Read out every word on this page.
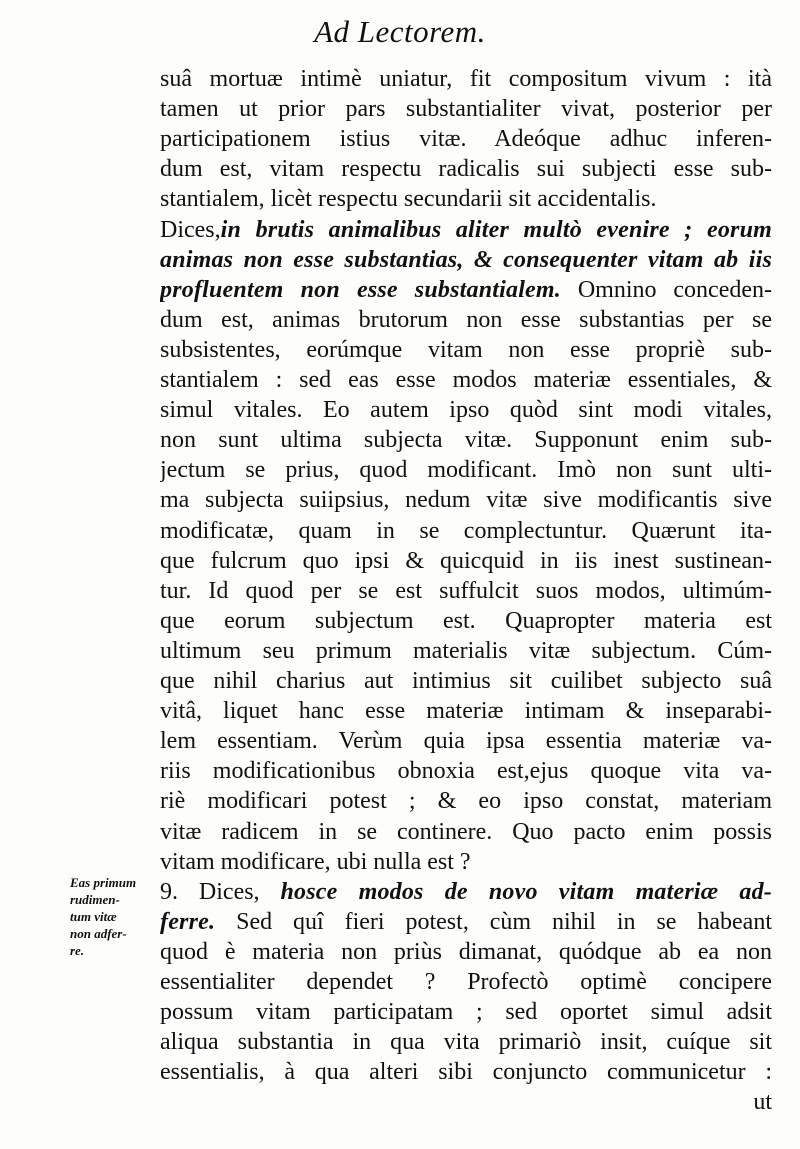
Ad Lectorem.
suâ mortuæ intimè uniatur, fit compositum vivum : ità
tamen ut prior pars substantialiter vivat, posterior per
participationem istius vitæ. Adeóque adhuc inferen-
dum est, vitam respectu radicalis sui subjecti esse sub-
stantialem, licèt respectu secundarii sit accidentalis.
Dices,in brutis animalibus aliter multò evenire ; eorum
animas non esse substantias, & consequenter vitam ab iis
profluentem non esse substantialem. Omnino conceden-
dum est, animas brutorum non esse substantias per se
subsistentes, eorúmque vitam non esse propriè sub-
stantialem : sed eas esse modos materiæ essentiales, &
simul vitales. Eo autem ipso quòd sint modi vitales,
non sunt ultima subjecta vitæ. Supponunt enim sub-
jectum se prius, quod modificant. Imò non sunt ulti-
ma subjecta suiipsius, nedum vitæ sive modificantis sive
modificatæ, quam in se complectuntur. Quærunt ita-
que fulcrum quo ipsi & quicquid in iis inest sustinean-
tur. Id quod per se est suffulcit suos modos, ultimúm-
que eorum subjectum est. Quapropter materia est
ultimum seu primum materialis vitæ subjectum. Cúm-
que nihil charius aut intimius sit cuilibet subjecto suâ
vitâ, liquet hanc esse materiæ intimam & inseparabi-
lem essentiam. Verùm quia ipsa essentia materiæ va-
riis modificationibus obnoxia est,ejus quoque vita va-
riè modificari potest ; & eo ipso constat, materiam
vitæ radicem in se continere. Quo pacto enim possis
vitam modificare, ubi nulla est ?
9. Dices, hosce modos de novo vitam materiæ ad-
ferre. Sed quî fieri potest, cùm nihil in se habeant
quod è materia non priùs dimanat, quódque ab ea non
essentialiter dependet ? Profectò optimè concipere
possum vitam participatam ; sed oportet simul adsit
aliqua substantia in qua vita primariò insit, cuíque sit
essentialis, à qua alteri sibi conjuncto communicetur :
ut
Eas primum
rudimen-
tum vitæ
non adfer-
re.
